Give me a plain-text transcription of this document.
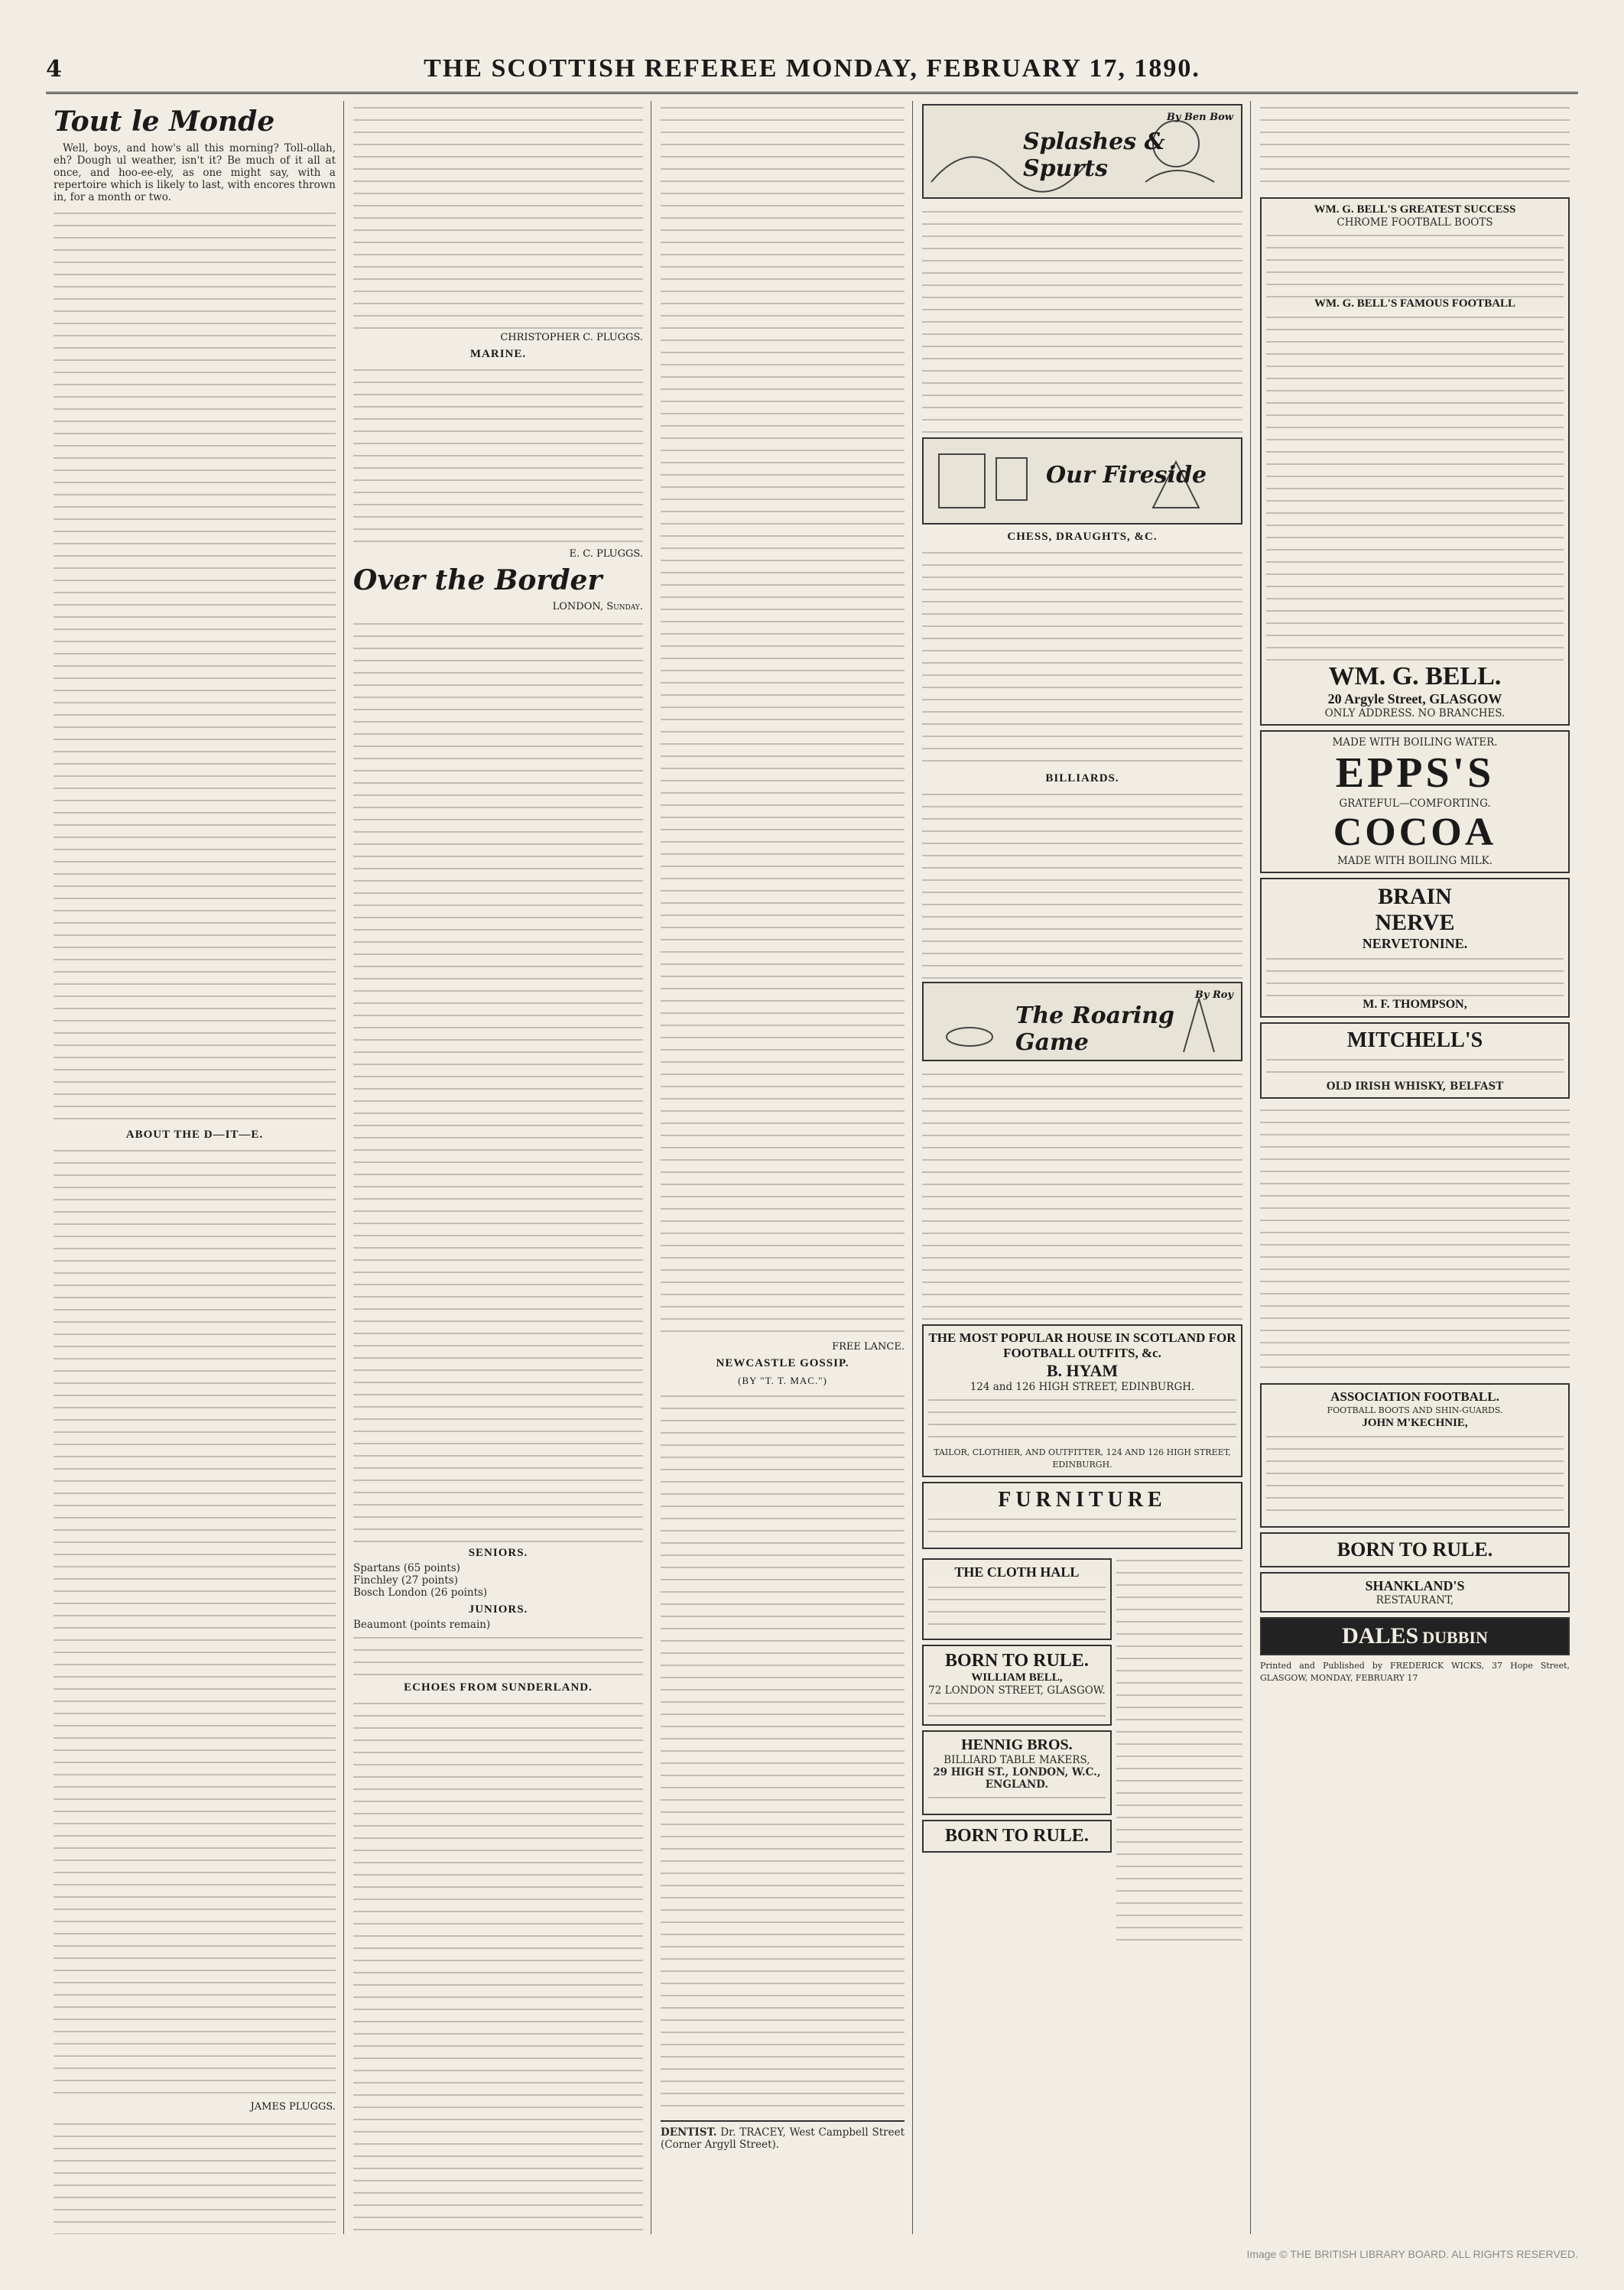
4	THE SCOTTISH REFEREE MONDAY, FEBRUARY 17, 1890.
Tout le Monde

Well, boys, and how's all this morning? Toll-ollah, eh? Dough ul weather, isn't it? Be much of it all at once, and hoo-ee-ely, as one might say, with a repertoire which is likely to last, with encores thrown in, for a month or two.

ABOUT THE D—IT—E.
JAMES PLUGGS.
CHRISTOPHER C. PLUGGS.
MARINE.
E. C. PLUGGS.
Over the Border
LONDON, Sunday.
SENIORS.
Spartans (65 points)
Finchley (27 points)
Bosch London (26 points)
JUNIORS.
Beaumont (points remain)
ECHOES FROM SUNDERLAND.
FREE LANCE.
NEWCASTLE GOSSIP.
(BY "T. T. MAC.")
DENTIST. Dr. TRACEY, West Campbell Street (Corner Argyll Street).
Splashes & Spurts
By Ben Bow
Our Fireside
CHESS, DRAUGHTS, &C.
BILLIARDS.
The Roaring Game
By Roy
THE MOST POPULAR HOUSE IN SCOTLAND FOR FOOTBALL OUTFITS, &c.
B. HYAM
124 and 126 HIGH STREET, EDINBURGH.
TAILOR, CLOTHIER, AND OUTFITTER, 124 AND 126 HIGH STREET, EDINBURGH.
FURNITURE
THE CLOTH HALL
BORN TO RULE.
WILLIAM BELL,
72 LONDON STREET, GLASGOW.
HENNIG BROS.
BILLIARD TABLE MAKERS,
29 HIGH ST., LONDON, W.C., ENGLAND.
BORN TO RULE.
WM. G. BELL'S GREATEST SUCCESS
CHROME FOOTBALL BOOTS
WM. G. BELL'S FAMOUS FOOTBALL
WM. G. BELL.
20 Argyle Street, GLASGOW
ONLY ADDRESS. NO BRANCHES.
MADE WITH BOILING WATER.
EPPS'S
GRATEFUL—COMFORTING.
COCOA
MADE WITH BOILING MILK.
BRAIN
NERVE
NERVETONINE.
M. F. THOMPSON,
MITCHELL'S
OLD IRISH WHISKY, BELFAST
ASSOCIATION FOOTBALL.
FOOTBALL BOOTS AND SHIN-GUARDS.
JOHN M'KECHNIE,
BORN TO RULE.
SHANKLAND'S
RESTAURANT,
DALES DUBBIN
Printed and Published by FREDERICK WICKS, 37 Hope Street, GLASGOW, MONDAY, FEBRUARY 17
Image © THE BRITISH LIBRARY BOARD. ALL RIGHTS RESERVED.
